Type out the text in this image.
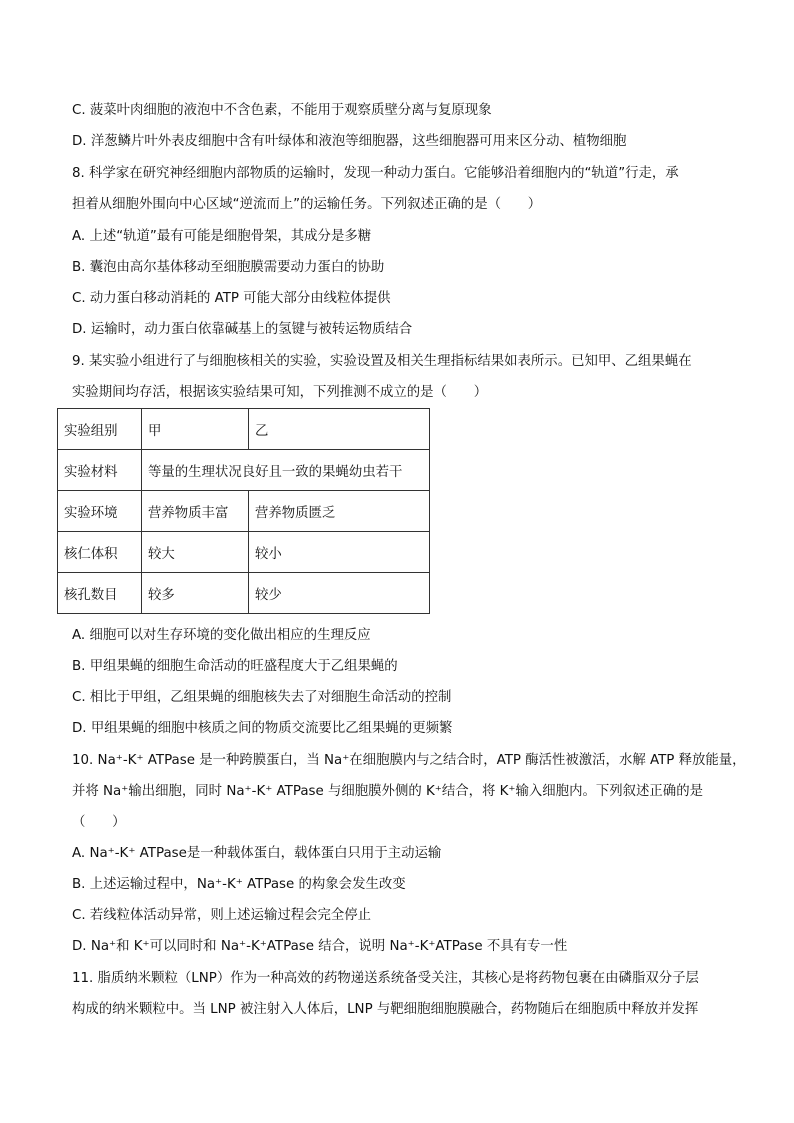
C. 菠菜叶肉细胞的液泡中不含色素，不能用于观察质壁分离与复原现象
D. 洋葱鳞片叶外表皮细胞中含有叶绿体和液泡等细胞器，这些细胞器可用来区分动、植物细胞
8. 科学家在研究神经细胞内部物质的运输时，发现一种动力蛋白。它能够沿着细胞内的“轨道”行走，承
担着从细胞外围向中心区域“逆流而上”的运输任务。下列叙述正确的是（　　）
A. 上述“轨道”最有可能是细胞骨架，其成分是多糖
B. 囊泡由高尔基体移动至细胞膜需要动力蛋白的协助
C. 动力蛋白移动消耗的 ATP 可能大部分由线粒体提供
D. 运输时，动力蛋白依靠碱基上的氢键与被转运物质结合
9. 某实验小组进行了与细胞核相关的实验，实验设置及相关生理指标结果如表所示。已知甲、乙组果蝇在
实验期间均存活，根据该实验结果可知，下列推测不成立的是（　　）
实验组别	甲	乙
实验材料	等量的生理状况良好且一致的果蝇幼虫若干	
实验环境	营养物质丰富	营养物质匮乏
核仁体积	较大	较小
核孔数目	较多	较少
A. 细胞可以对生存环境的变化做出相应的生理反应
B. 甲组果蝇的细胞生命活动的旺盛程度大于乙组果蝇的
C. 相比于甲组，乙组果蝇的细胞核失去了对细胞生命活动的控制
D. 甲组果蝇的细胞中核质之间的物质交流要比乙组果蝇的更频繁
10. Na⁺-K⁺ ATPase 是一种跨膜蛋白，当 Na⁺在细胞膜内与之结合时，ATP 酶活性被激活，水解 ATP 释放能量，
并将 Na⁺输出细胞，同时 Na⁺-K⁺ ATPase 与细胞膜外侧的 K⁺结合，将 K⁺输入细胞内。下列叙述正确的是
（　　）
A. Na⁺-K⁺ ATPase是一种载体蛋白，载体蛋白只用于主动运输
B. 上述运输过程中，Na⁺-K⁺ ATPase 的构象会发生改变
C. 若线粒体活动异常，则上述运输过程会完全停止
D. Na⁺和 K⁺可以同时和 Na⁺-K⁺ATPase 结合，说明 Na⁺-K⁺ATPase 不具有专一性
11. 脂质纳米颗粒（LNP）作为一种高效的药物递送系统备受关注，其核心是将药物包裹在由磷脂双分子层
构成的纳米颗粒中。当 LNP 被注射入人体后，LNP 与靶细胞细胞膜融合，药物随后在细胞质中释放并发挥
